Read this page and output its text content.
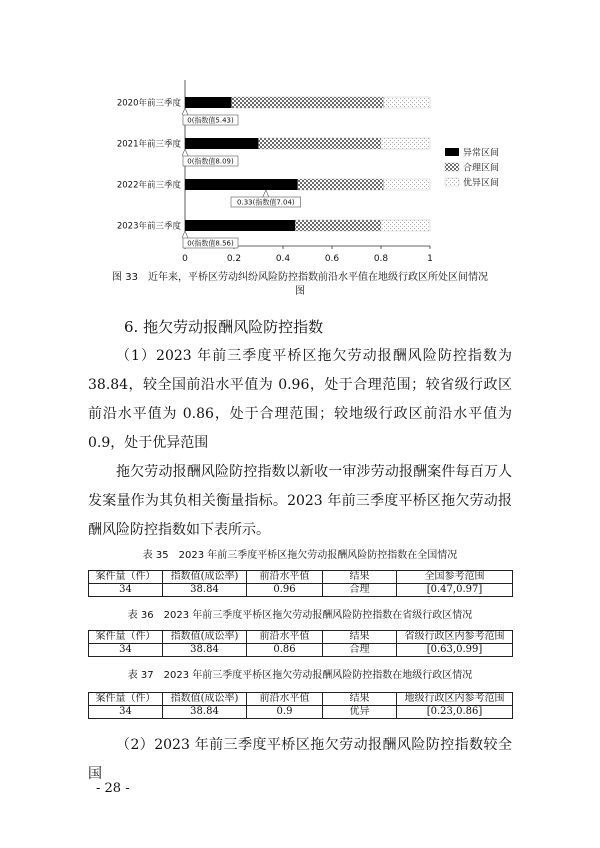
0	0.2	0.4	0.6	0.8	1
2020年前三季度
2021年前三季度
2022年前三季度
2023年前三季度
0(指数值5.43)
0(指数值8.09)
0.33(指数值7.04)
0(指数值8.56)
异常区间
合理区间
优异区间
图 33　近年来，平桥区劳动纠纷风险防控指数前沿水平值在地级行政区所处区间情况
图
6. 拖欠劳动报酬风险防控指数

（1）2023 年前三季度平桥区拖欠劳动报酬风险防控指数为 38.84，较全国前沿水平值为 0.96，处于合理范围；较省级行政区前沿水平值为 0.86，处于合理范围；较地级行政区前沿水平值为 0.9，处于优异范围

拖欠劳动报酬风险防控指数以新收一审涉劳动报酬案件每百万人发案量作为其负相关衡量指标。2023 年前三季度平桥区拖欠劳动报酬风险防控指数如下表所示。

表 35　2023 年前三季度平桥区拖欠劳动报酬风险防控指数在全国情况
案件量（件）	指数值(成讼率)	前沿水平值	结果	全国参考范围
34	38.84	0.96	合理	[0.47,0.97]
表 36　2023 年前三季度平桥区拖欠劳动报酬风险防控指数在省级行政区情况
案件量（件）	指数值(成讼率)	前沿水平值	结果	省级行政区内参考范围
34	38.84	0.86	合理	[0.63,0.99]
表 37　2023 年前三季度平桥区拖欠劳动报酬风险防控指数在地级行政区情况
案件量（件）	指数值(成讼率)	前沿水平值	结果	地级行政区内参考范围
34	38.84	0.9	优异	[0.23,0.86]

（2）2023 年前三季度平桥区拖欠劳动报酬风险防控指数较全国

- 28 -
